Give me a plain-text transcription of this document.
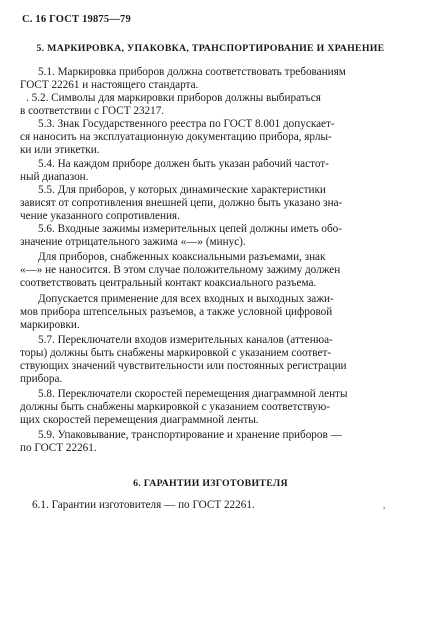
С. 16 ГОСТ 19875—79
5. МАРКИРОВКА, УПАКОВКА, ТРАНСПОРТИРОВАНИЕ И ХРАНЕНИЕ
5.1. Маркировка приборов должна соответствовать требованиям
ГОСТ 22261 и настоящего стандарта.
. 5.2. Символы для маркировки приборов должны выбираться
в соответствии с ГОСТ 23217.
5.3. Знак Государственного реестра по ГОСТ 8.001 допускает-
ся наносить на эксплуатационную документацию прибора, ярлы-
ки или этикетки.
5.4. На каждом приборе должен быть указан рабочий частот-
ный диапазон.
5.5. Для приборов, у которых динамические характеристики
зависят от сопротивления внешней цепи, должно быть указано зна-
чение указанного сопротивления.
5.6. Входные зажимы измерительных цепей должны иметь обо-
значение отрицательного зажима «—» (минус).
Для приборов, снабженных коаксиальными разъемами, знак
«—» не наносится. В этом случае положительному зажиму должен
соответствовать центральный контакт коаксиального разъема.
Допускается применение для всех входных и выходных зажи-
мов прибора штепсельных разъемов, а также условной цифровой
маркировки.
5.7. Переключатели входов измерительных каналов (аттенюа-
торы) должны быть снабжены маркировкой с указанием соответ-
ствующих значений чувствительности или постоянных регистрации
прибора.
5.8. Переключатели скоростей перемещения диаграммной ленты
должны быть снабжены маркировкой с указанием соответствую-
щих скоростей перемещения диаграммной ленты.
5.9. Упаковывание, транспортирование и хранение приборов —
по ГОСТ 22261.
6. ГАРАНТИИ ИЗГОТОВИТЕЛЯ
6.1. Гарантии изготовителя — по ГОСТ 22261.	,
